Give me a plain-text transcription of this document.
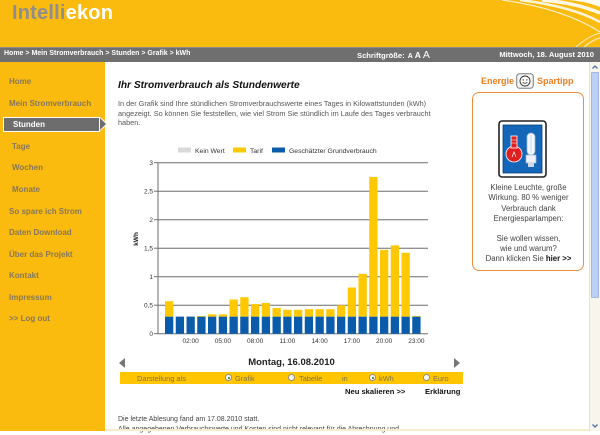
Intelliekon
Home > Mein Stromverbrauch > Stunden > Grafik > kWh	Schriftgröße: A A A	Mittwoch, 18. August 2010
Home
Mein Stromverbrauch
Stunden
Tage
Wochen
Monate
So spare ich Strom
Daten Download
Über das Projekt
Kontakt
Impressum
>> Log out
Ihr Stromverbrauch als Stundenwerte
In der Grafik sind Ihre stündlichen Stromverbrauchswerte eines Tages in Kilowattstunden (kWh)
angezeigt. So können Sie feststellen, wie viel Strom Sie stündlich im Laufe des Tages verbraucht
haben.
0
0,5
1
1,5
2
2,5
3
02:00 05:00 08:00 11:00 14:00 17:00 20:00 23:00
kWh
Kein Wert	Tarif	Geschätzter Grundverbrauch
Montag, 16.08.2010
Darstellung als	Grafik	Tabelle	in	kWh	Euro
Neu skalieren >>	Erklärung
Die letzte Ablesung fand am 17.08.2010 statt.
Energie	Spartipp
Kleine Leuchte, große
Wirkung. 80 % weniger
Verbrauch dank
Energiesparlampen:
Sie wollen wissen,
wie und warum?
Dann klicken Sie hier >>
